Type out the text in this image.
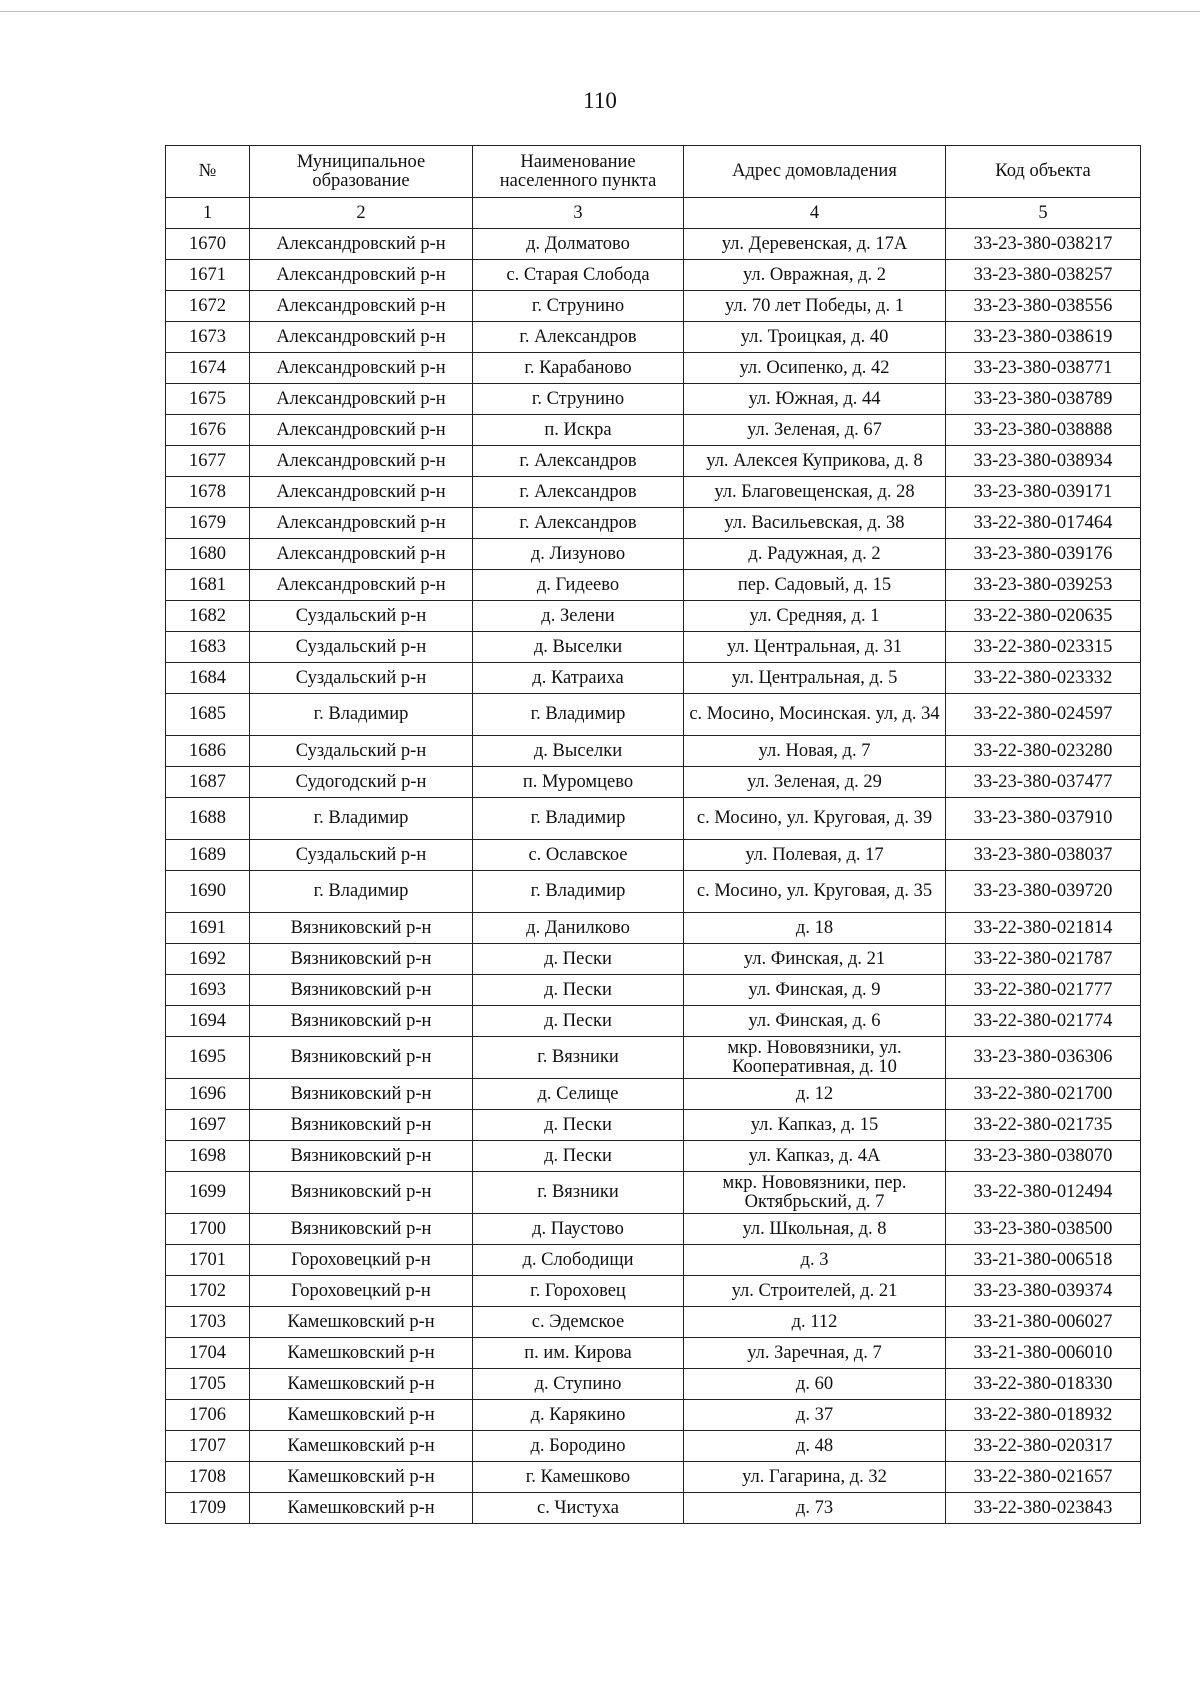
110
№	Муниципальное образование	Наименование населенного пункта	Адрес домовладения	Код объекта
1	2	3	4	5
1670	Александровский р-н	д. Долматово	ул. Деревенская, д. 17А	33-23-380-038217
1671	Александровский р-н	с. Старая Слобода	ул. Овражная, д. 2	33-23-380-038257
1672	Александровский р-н	г. Струнино	ул. 70 лет Победы, д. 1	33-23-380-038556
1673	Александровский р-н	г. Александров	ул. Троицкая, д. 40	33-23-380-038619
1674	Александровский р-н	г. Карабаново	ул. Осипенко, д. 42	33-23-380-038771
1675	Александровский р-н	г. Струнино	ул. Южная, д. 44	33-23-380-038789
1676	Александровский р-н	п. Искра	ул. Зеленая, д. 67	33-23-380-038888
1677	Александровский р-н	г. Александров	ул. Алексея Куприкова, д. 8	33-23-380-038934
1678	Александровский р-н	г. Александров	ул. Благовещенская, д. 28	33-23-380-039171
1679	Александровский р-н	г. Александров	ул. Васильевская, д. 38	33-22-380-017464
1680	Александровский р-н	д. Лизуново	д. Радужная, д. 2	33-23-380-039176
1681	Александровский р-н	д. Гидеево	пер. Садовый, д. 15	33-23-380-039253
1682	Суздальский р-н	д. Зелени	ул. Средняя, д. 1	33-22-380-020635
1683	Суздальский р-н	д. Выселки	ул. Центральная, д. 31	33-22-380-023315
1684	Суздальский р-н	д. Катраиха	ул. Центральная, д. 5	33-22-380-023332
1685	г. Владимир	г. Владимир	с. Мосино, Мосинская. ул, д. 34	33-22-380-024597
1686	Суздальский р-н	д. Выселки	ул. Новая, д. 7	33-22-380-023280
1687	Судогодский р-н	п. Муромцево	ул. Зеленая, д. 29	33-23-380-037477
1688	г. Владимир	г. Владимир	с. Мосино, ул. Круговая, д. 39	33-23-380-037910
1689	Суздальский р-н	с. Ославское	ул. Полевая, д. 17	33-23-380-038037
1690	г. Владимир	г. Владимир	с. Мосино, ул. Круговая, д. 35	33-23-380-039720
1691	Вязниковский р-н	д. Данилково	д. 18	33-22-380-021814
1692	Вязниковский р-н	д. Пески	ул. Финская, д. 21	33-22-380-021787
1693	Вязниковский р-н	д. Пески	ул. Финская, д. 9	33-22-380-021777
1694	Вязниковский р-н	д. Пески	ул. Финская, д. 6	33-22-380-021774
1695	Вязниковский р-н	г. Вязники	мкр. Нововязники, ул. Кооперативная, д. 10	33-23-380-036306
1696	Вязниковский р-н	д. Селище	д. 12	33-22-380-021700
1697	Вязниковский р-н	д. Пески	ул. Капказ, д. 15	33-22-380-021735
1698	Вязниковский р-н	д. Пески	ул. Капказ, д. 4А	33-23-380-038070
1699	Вязниковский р-н	г. Вязники	мкр. Нововязники, пер. Октябрьский, д. 7	33-22-380-012494
1700	Вязниковский р-н	д. Паустово	ул. Школьная, д. 8	33-23-380-038500
1701	Гороховецкий р-н	д. Слободищи	д. 3	33-21-380-006518
1702	Гороховецкий р-н	г. Гороховец	ул. Строителей, д. 21	33-23-380-039374
1703	Камешковский р-н	с. Эдемское	д. 112	33-21-380-006027
1704	Камешковский р-н	п. им. Кирова	ул. Заречная, д. 7	33-21-380-006010
1705	Камешковский р-н	д. Ступино	д. 60	33-22-380-018330
1706	Камешковский р-н	д. Карякино	д. 37	33-22-380-018932
1707	Камешковский р-н	д. Бородино	д. 48	33-22-380-020317
1708	Камешковский р-н	г. Камешково	ул. Гагарина, д. 32	33-22-380-021657
1709	Камешковский р-н	с. Чистуха	д. 73	33-22-380-023843
